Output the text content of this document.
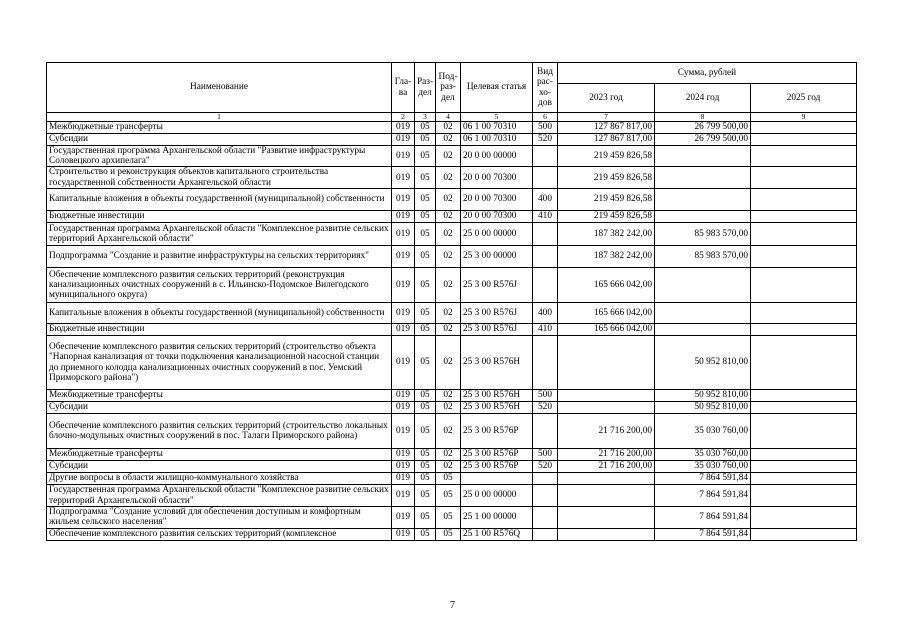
Наименование	Гла-ва	Раз-дел	Под-раз-дел	Целевая статья	Вид рас-хо-дов	Сумма, рублей		
						2023 год	2024 год	2025 год
1	2	3	4	5	6	7	8	9
Межбюджетные трансферты	019	05	02	06 1 00 70310	500	127 867 817,00	26 799 500,00	
Субсидии	019	05	02	06 1 00 70310	520	127 867 817,00	26 799 500,00	
Государственная программа Архангельской области "Развитие инфраструктуры Соловецкого архипелага"	019	05	02	20 0 00 00000		219 459 826,58		
Строительство и реконструкция объектов капитального строительства государственной собственности Архангельской области	019	05	02	20 0 00 70300		219 459 826,58		
Капитальные вложения в объекты государственной (муниципальной) собственности	019	05	02	20 0 00 70300	400	219 459 826,58		
Бюджетные инвестиции	019	05	02	20 0 00 70300	410	219 459 826,58		
Государственная программа Архангельской области "Комплексное развитие сельских территорий Архангельской области"	019	05	02	25 0 00 00000		187 382 242,00	85 983 570,00	
Подпрограмма "Создание и развитие инфраструктуры на сельских территориях"	019	05	02	25 3 00 00000		187 382 242,00	85 983 570,00	
Обеспечение комплексного развития сельских территорий (реконструкция канализационных очистных сооружений в с. Ильинско-Подомское Вилегодского муниципального округа)	019	05	02	25 3 00 R576J		165 666 042,00		
Капитальные вложения в объекты государственной (муниципальной) собственности	019	05	02	25 3 00 R576J	400	165 666 042,00		
Бюджетные инвестиции	019	05	02	25 3 00 R576J	410	165 666 042,00		
Обеспечение комплексного развития сельских территорий (строительство объекта "Напорная канализация от точки подключения канализационной насосной станции до приемного колодца канализационных очистных сооружений в пос. Уемский Приморского района")	019	05	02	25 3 00 R576H			50 952 810,00	
Межбюджетные трансферты	019	05	02	25 3 00 R576H	500		50 952 810,00	
Субсидии	019	05	02	25 3 00 R576H	520		50 952 810,00	
Обеспечение комплексного развития сельских территорий (строительство локальных блочно-модульных очистных сооружений в пос. Талаги Приморского района)	019	05	02	25 3 00 R576P		21 716 200,00	35 030 760,00	
Межбюджетные трансферты	019	05	02	25 3 00 R576P	500	21 716 200,00	35 030 760,00	
Субсидии	019	05	02	25 3 00 R576P	520	21 716 200,00	35 030 760,00	
Другие вопросы в области жилищно-коммунального хозяйства	019	05	05				7 864 591,84	
Государственная программа Архангельской области "Комплексное развитие сельских территорий Архангельской области"	019	05	05	25 0 00 00000			7 864 591,84	
Подпрограмма "Создание условий для обеспечения доступным и комфортным жильем сельского населения"	019	05	05	25 1 00 00000			7 864 591,84	
Обеспечение комплексного развития сельских территорий (комплексное	019	05	05	25 1 00 R576Q			7 864 591,84	
7
